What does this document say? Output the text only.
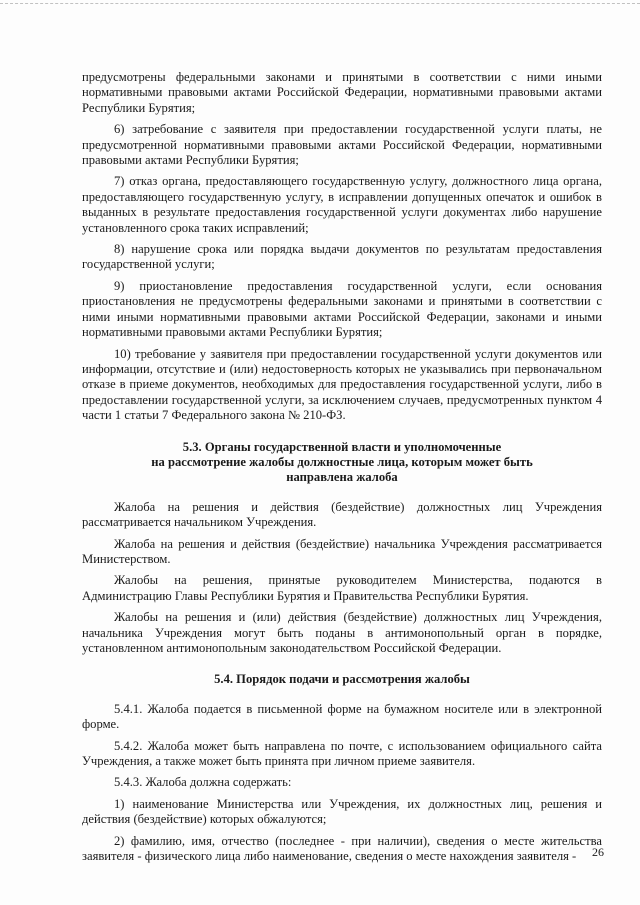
предусмотрены федеральными законами и принятыми в соответствии с ними иными нормативными правовыми актами Российской Федерации, нормативными правовыми актами Республики Бурятия;

6) затребование с заявителя при предоставлении государственной услуги платы, не предусмотренной нормативными правовыми актами Российской Федерации, нормативными правовыми актами Республики Бурятия;

7) отказ органа, предоставляющего государственную услугу, должностного лица органа, предоставляющего государственную услугу, в исправлении допущенных опечаток и ошибок в выданных в результате предоставления государственной услуги документах либо нарушение установленного срока таких исправлений;

8) нарушение срока или порядка выдачи документов по результатам предоставления государственной услуги;

9) приостановление предоставления государственной услуги, если основания приостановления не предусмотрены федеральными законами и принятыми в соответствии с ними иными нормативными правовыми актами Российской Федерации, законами и иными нормативными правовыми актами Республики Бурятия;

10) требование у заявителя при предоставлении государственной услуги документов или информации, отсутствие и (или) недостоверность которых не указывались при первоначальном отказе в приеме документов, необходимых для предоставления государственной услуги, либо в предоставлении государственной услуги, за исключением случаев, предусмотренных пунктом 4 части 1 статьи 7 Федерального закона № 210-ФЗ.

5.3. Органы государственной власти и уполномоченные
на рассмотрение жалобы должностные лица, которым может быть
направлена жалоба

Жалоба на решения и действия (бездействие) должностных лиц Учреждения рассматривается начальником Учреждения.

Жалоба на решения и действия (бездействие) начальника Учреждения рассматривается Министерством.

Жалобы на решения, принятые руководителем Министерства, подаются в Администрацию Главы Республики Бурятия и Правительства Республики Бурятия.

Жалобы на решения и (или) действия (бездействие) должностных лиц Учреждения, начальника Учреждения могут быть поданы в антимонопольный орган в порядке, установленном антимонопольным законодательством Российской Федерации.

5.4. Порядок подачи и рассмотрения жалобы

5.4.1. Жалоба подается в письменной форме на бумажном носителе или в электронной форме.

5.4.2. Жалоба может быть направлена по почте, с использованием официального сайта Учреждения, а также может быть принята при личном приеме заявителя.

5.4.3. Жалоба должна содержать:

1) наименование Министерства или Учреждения, их должностных лиц, решения и действия (бездействие) которых обжалуются;

2) фамилию, имя, отчество (последнее - при наличии), сведения о месте жительства заявителя - физического лица либо наименование, сведения о месте нахождения заявителя -	26
